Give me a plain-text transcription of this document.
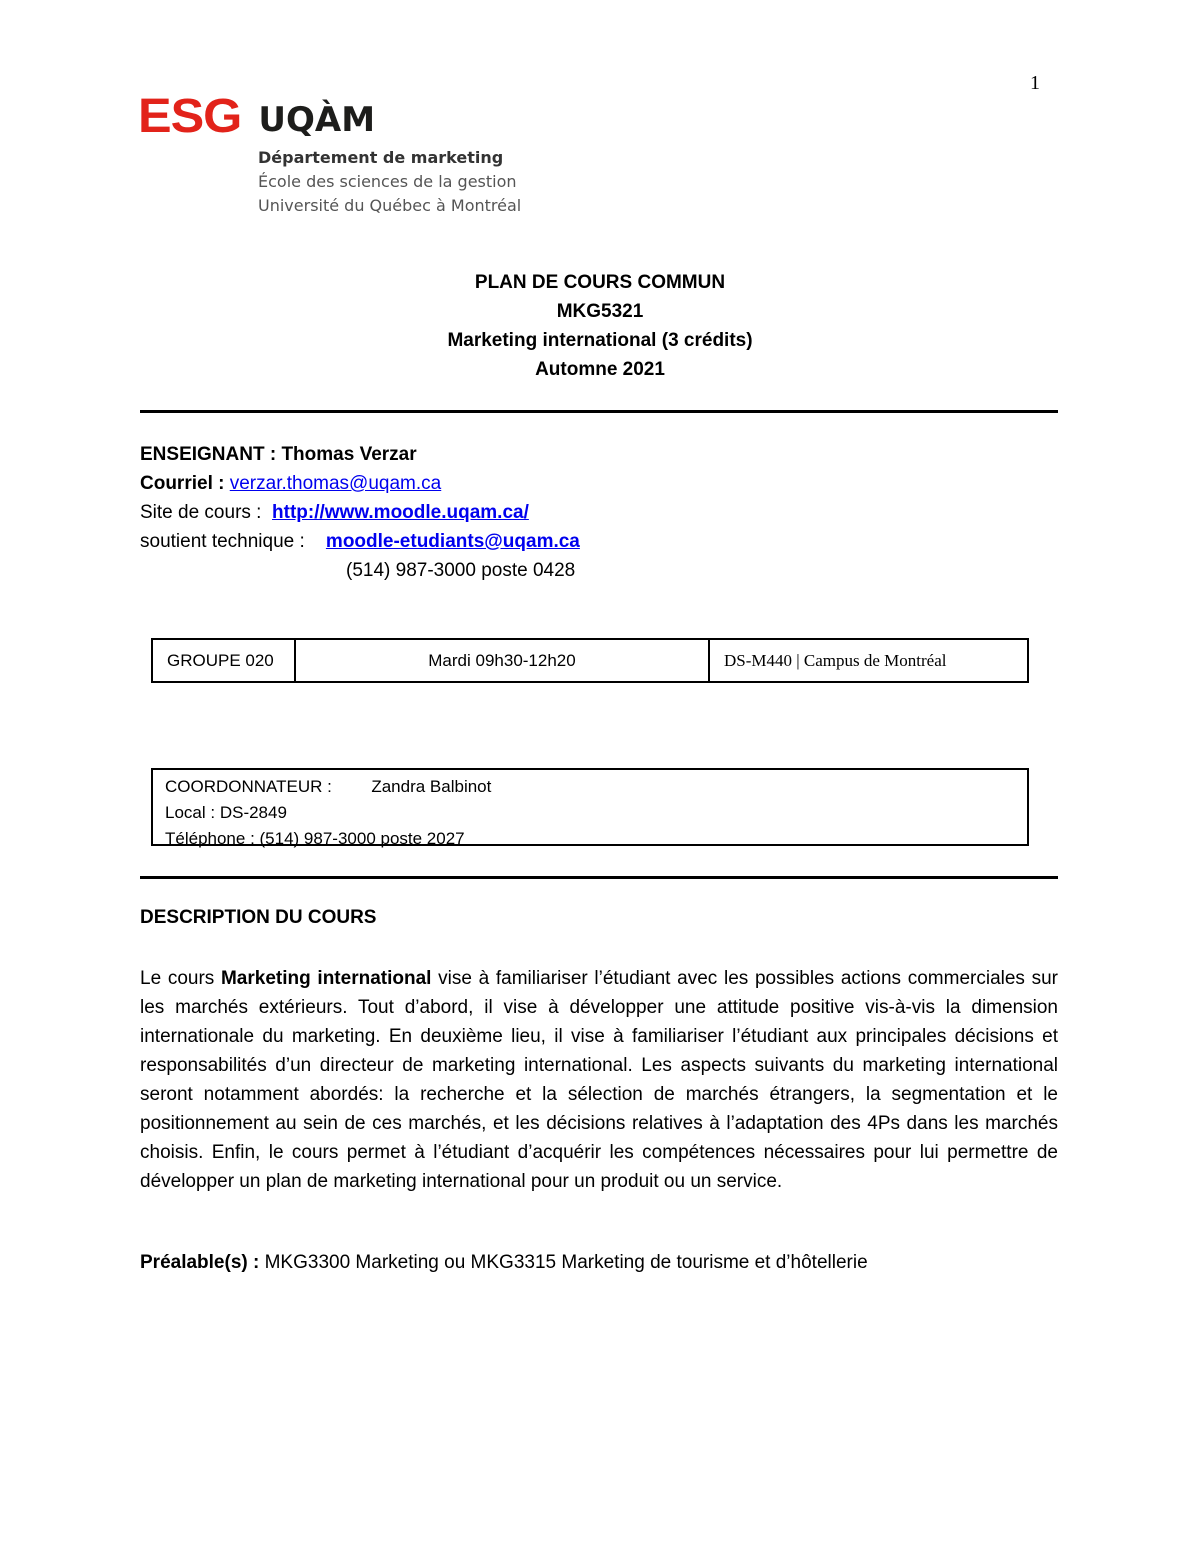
1
ESG UQÀM
Département de marketing
École des sciences de la gestion
Université du Québec à Montréal
PLAN DE COURS COMMUN
MKG5321
Marketing international (3 crédits)
Automne 2021
ENSEIGNANT : Thomas Verzar
Courriel : verzar.thomas@uqam.ca
Site de cours :  http://www.moodle.uqam.ca/
soutient technique :    moodle-etudiants@uqam.ca
(514) 987-3000 poste 0428
GROUPE 020	Mardi 09h30-12h20	DS-M440 | Campus de Montréal
COORDONNATEUR : Zandra Balbinot
Local : DS-2849
Téléphone : (514) 987-3000 poste 2027
DESCRIPTION DU COURS
Le cours Marketing international vise à familiariser l’étudiant avec les possibles actions commerciales sur les marchés extérieurs. Tout d’abord, il vise à développer une attitude positive vis-à-vis la dimension internationale du marketing. En deuxième lieu, il vise à familiariser l’étudiant aux principales décisions et responsabilités d’un directeur de marketing international. Les aspects suivants du marketing international seront notamment abordés: la recherche et la sélection de marchés étrangers, la segmentation et le positionnement au sein de ces marchés, et les décisions relatives à l’adaptation des 4Ps dans les marchés choisis. Enfin, le cours permet à l’étudiant d’acquérir les compétences nécessaires pour lui permettre de développer un plan de marketing international pour un produit ou un service.
Préalable(s) : MKG3300 Marketing ou MKG3315 Marketing de tourisme et d’hôtellerie
